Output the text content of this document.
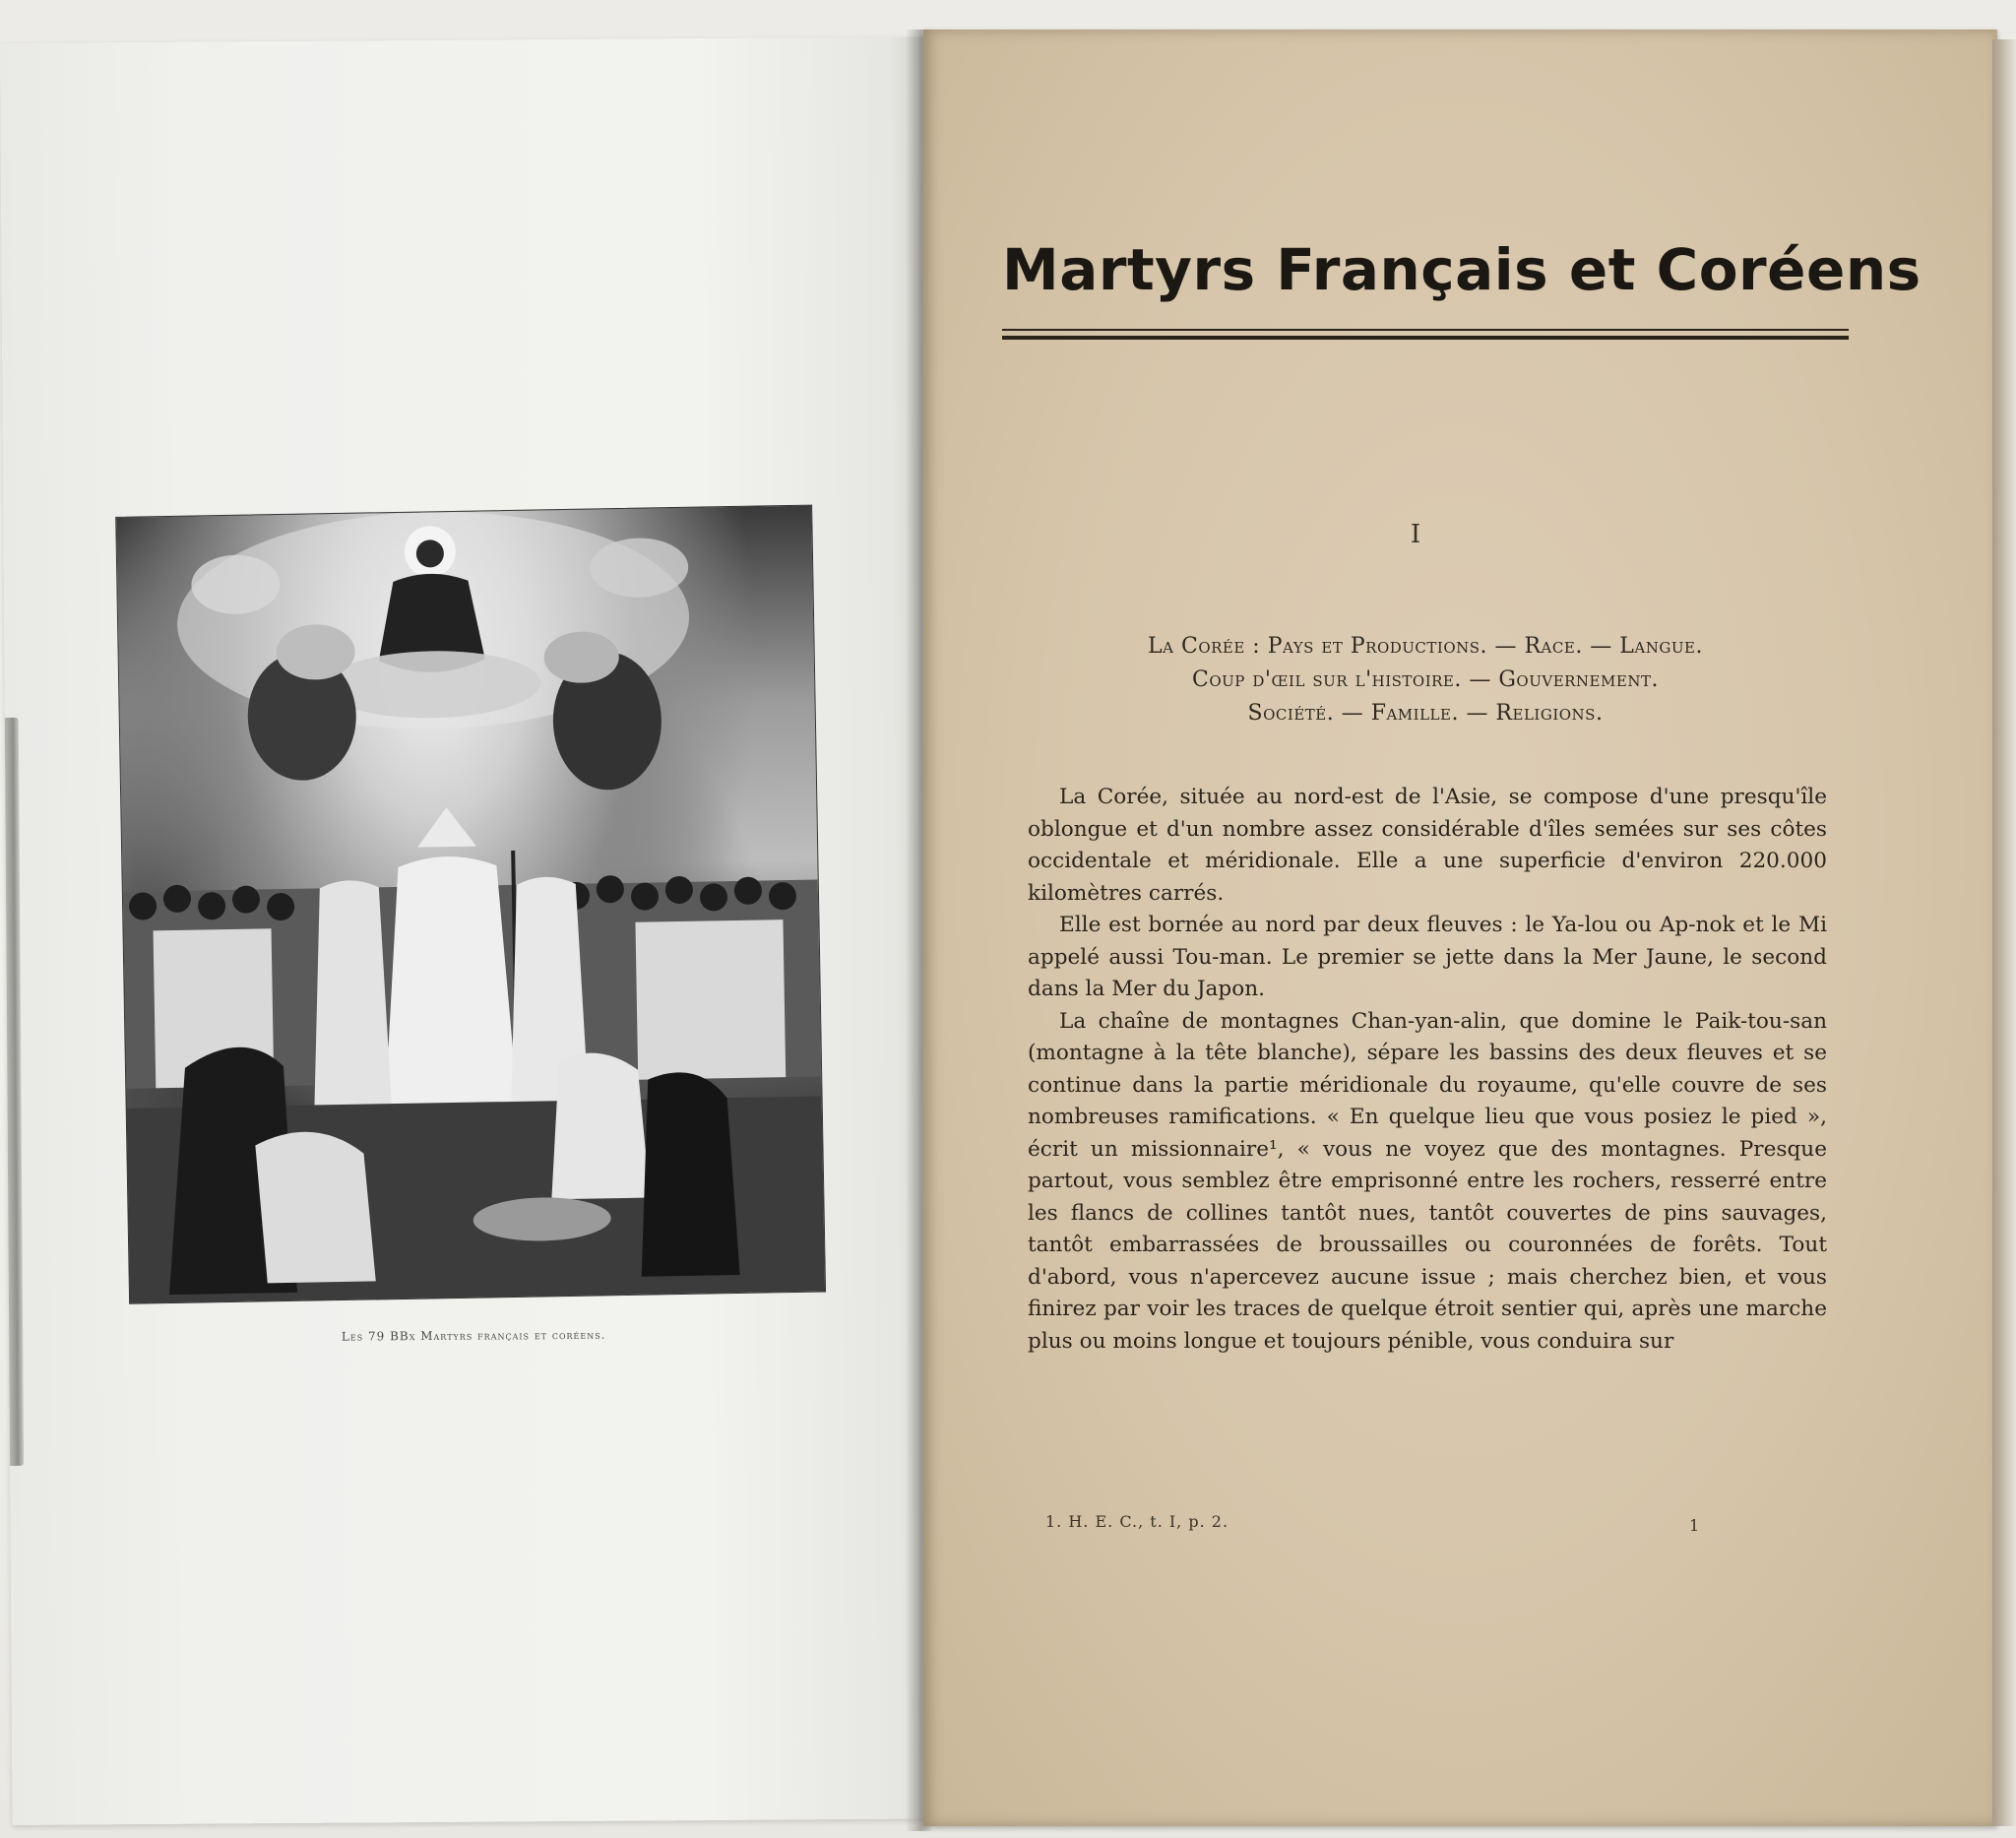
Les 79 BBx Martyrs français et coréens.
Martyrs Français et Coréens
I
La Corée : Pays et Productions. — Race. — Langue.
Coup d'œil sur l'histoire. — Gouvernement.
Société. — Famille. — Religions.

La Corée, située au nord-est de l'Asie, se compose d'une presqu'île oblongue et d'un nombre assez considérable d'îles semées sur ses côtes occidentale et méridionale. Elle a une superficie d'environ 220.000 kilomètres carrés.

Elle est bornée au nord par deux fleuves : le Ya-lou ou Ap-nok et le Mi appelé aussi Tou-man. Le premier se jette dans la Mer Jaune, le second dans la Mer du Japon.

La chaîne de montagnes Chan-yan-alin, que domine le Paik-tou-san (montagne à la tête blanche), sépare les bassins des deux fleuves et se continue dans la partie méridionale du royaume, qu'elle couvre de ses nombreuses ramifications. « En quelque lieu que vous posiez le pied », écrit un missionnaire¹, « vous ne voyez que des montagnes. Presque partout, vous semblez être emprisonné entre les rochers, resserré entre les flancs de collines tantôt nues, tantôt couvertes de pins sauvages, tantôt embarrassées de broussailles ou couronnées de forêts. Tout d'abord, vous n'apercevez aucune issue ; mais cherchez bien, et vous finirez par voir les traces de quelque étroit sentier qui, après une marche plus ou moins longue et toujours pénible, vous conduira sur

1. H. E. C., t. I, p. 2.	1
